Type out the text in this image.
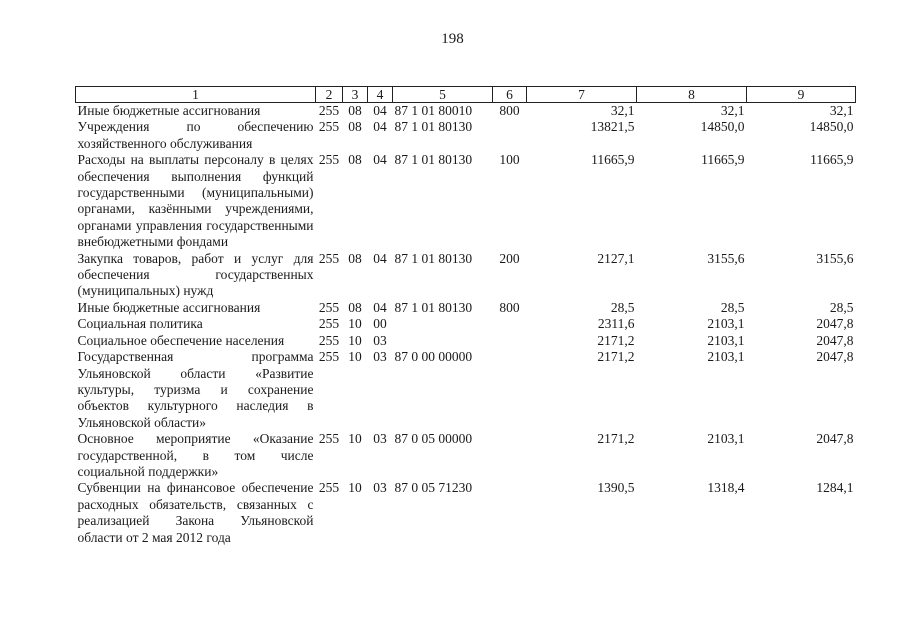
198
1	2	3	4	5	6	7	8	9
Иные бюджетные ассигнования	255	08	04	87 1 01 80010	800	32,1	32,1	32,1
Учреждения по обеспечению хозяйственного обслуживания	255	08	04	87 1 01 80130		13821,5	14850,0	14850,0
Расходы на выплаты персоналу в целях обеспечения выполнения функций государственными (муниципальными) органами, казёнными учреждениями, органами управления государственными внебюджетными фондами	255	08	04	87 1 01 80130	100	11665,9	11665,9	11665,9
Закупка товаров, работ и услуг для обеспечения государственных (муниципальных) нужд	255	08	04	87 1 01 80130	200	2127,1	3155,6	3155,6
Иные бюджетные ассигнования	255	08	04	87 1 01 80130	800	28,5	28,5	28,5
Социальная политика	255	10	00			2311,6	2103,1	2047,8
Социальное обеспечение населения	255	10	03			2171,2	2103,1	2047,8
Государственная программа Ульяновской области «Развитие культуры, туризма и сохранение объектов культурного наследия в Ульяновской области»	255	10	03	87 0 00 00000		2171,2	2103,1	2047,8
Основное мероприятие «Оказание государственной, в том числе социальной поддержки»	255	10	03	87 0 05 00000		2171,2	2103,1	2047,8
Субвенции на финансовое обеспечение расходных обязательств, связанных с реализацией Закона Ульяновской области от 2 мая 2012 года	255	10	03	87 0 05 71230		1390,5	1318,4	1284,1
